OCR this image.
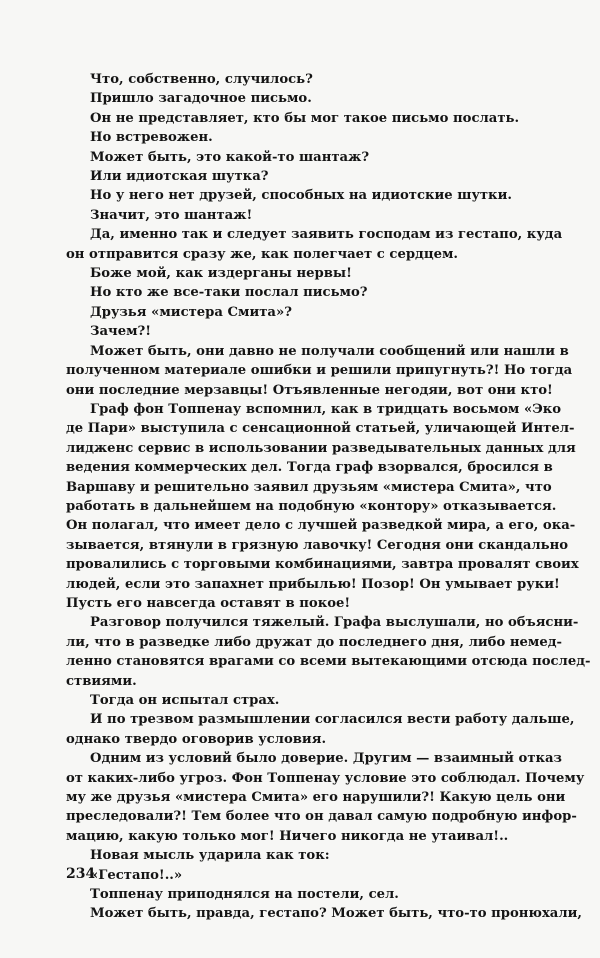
Что, собственно, случилось?
Пришло загадочное письмо.
Он не представляет, кто бы мог такое письмо послать.
Но встревожен.
Может быть, это какой-то шантаж?
Или идиотская шутка?
Но у него нет друзей, способных на идиотские шутки.
Значит, это шантаж!
Да, именно так и следует заявить господам из гестапо, куда
он отправится сразу же, как полегчает с сердцем.
Боже мой, как издерганы нервы!
Но кто же все-таки послал письмо?
Друзья «мистера Смита»?
Зачем?!
Может быть, они давно не получали сообщений или нашли в
полученном материале ошибки и решили припугнуть?! Но тогда
они последние мерзавцы! Отъявленные негодяи, вот они кто!
Граф фон Топпенау вспомнил, как в тридцать восьмом «Эко
де Пари» выступила с сенсационной статьей, уличающей Интел-
лидженс сервис в использовании разведывательных данных для
ведения коммерческих дел. Тогда граф взорвался, бросился в
Варшаву и решительно заявил друзьям «мистера Смита», что
работать в дальнейшем на подобную «контору» отказывается.
Он полагал, что имеет дело с лучшей разведкой мира, а его, ока-
зывается, втянули в грязную лавочку! Сегодня они скандально
провалились с торговыми комбинациями, завтра провалят своих
людей, если это запахнет прибылью! Позор! Он умывает руки!
Пусть его навсегда оставят в покое!
Разговор получился тяжелый. Графа выслушали, но объясни-
ли, что в разведке либо дружат до последнего дня, либо немед-
ленно становятся врагами со всеми вытекающими отсюда послед-
ствиями.
Тогда он испытал страх.
И по трезвом размышлении согласился вести работу дальше,
однако твердо оговорив условия.
Одним из условий было доверие. Другим — взаимный отказ
от каких-либо угроз. Фон Топпенау условие это соблюдал. Почему
му же друзья «мистера Смита» его нарушили?! Какую цель они
преследовали?! Тем более что он давал самую подробную инфор-
мацию, какую только мог! Ничего никогда не утаивал!..
Новая мысль ударила как ток:
«Гестапо!..»
Топпенау приподнялся на постели, сел.
Может быть, правда, гестапо? Может быть, что-то пронюхали,
234
